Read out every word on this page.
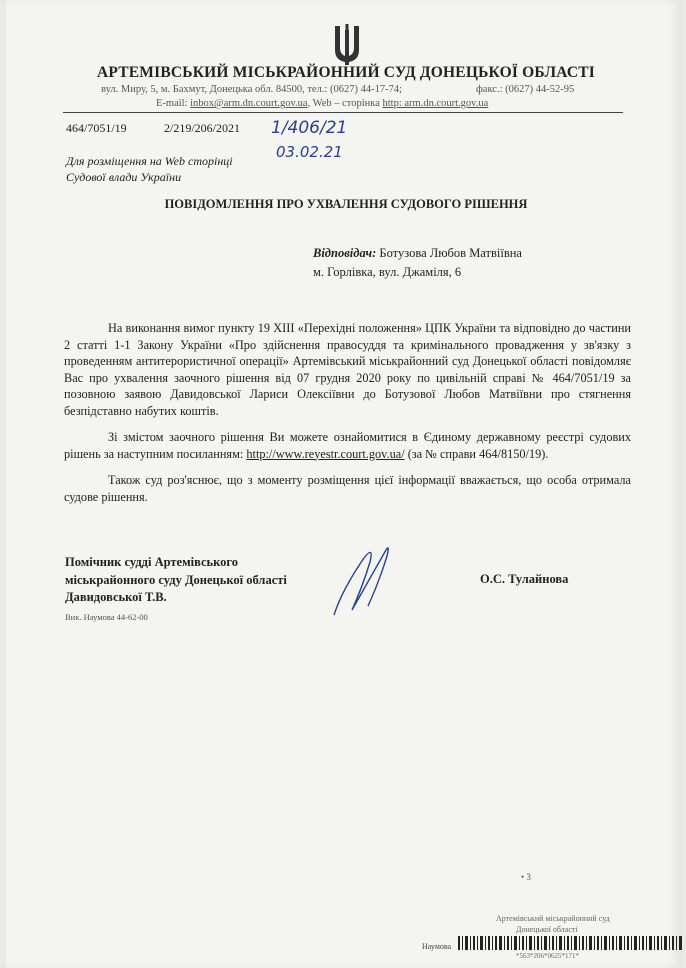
АРТЕМІВСЬКИЙ МІСЬКРАЙОННИЙ СУД ДОНЕЦЬКОЇ ОБЛАСТІ
вул. Миру, 5, м. Бахмут, Донецька обл. 84500, тел.: (0627) 44-17-74;	факс.: (0627) 44-52-95
E-mail: inbox@arm.dn.court.gov.ua, Web – сторінка http: arm.dn.court.gov.ua
464/7051/19	2/219/206/2021 1/406/21
03.02.21
Для розміщення на Web сторінці
Судової влади України
ПОВІДОМЛЕННЯ ПРО УХВАЛЕННЯ СУДОВОГО РІШЕННЯ
Відповідач: Ботузова Любов Матвіївна
м. Горлівка, вул. Джаміля, 6

На виконання вимог пункту 19 XIII «Перехідні положення» ЦПК України та відповідно до частини 2 статті 1-1 Закону України «Про здійснення правосуддя та кримінального провадження у зв'язку з проведенням антитерористичної операції» Артемівський міськрайонний суд Донецької області повідомляє Вас про ухвалення заочного рішення від 07 грудня 2020 року по цивільній справі № 464/7051/19 за позовною заявою Давидовської Лариси Олексіївни до Ботузової Любов Матвіївни про стягнення безпідставно набутих коштів.

Зі змістом заочного рішення Ви можете ознайомитися в Єдиному державному реєстрі судових рішень за наступним посиланням: http://www.reyestr.court.gov.ua/ (за № справи 464/8150/19).

Також суд роз'яснює, що з моменту розміщення цієї інформації вважається, що особа отримала судове рішення.

Помічник судді Артемівського
міськрайонного суду Донецької області
Давидовської Т.В.
Вик. Наумова 44-62-00
О.С. Тулайнова
• 3
Артемівський міськрайонний суд
Донецької області
Наумова
*563*206*0625*171*
